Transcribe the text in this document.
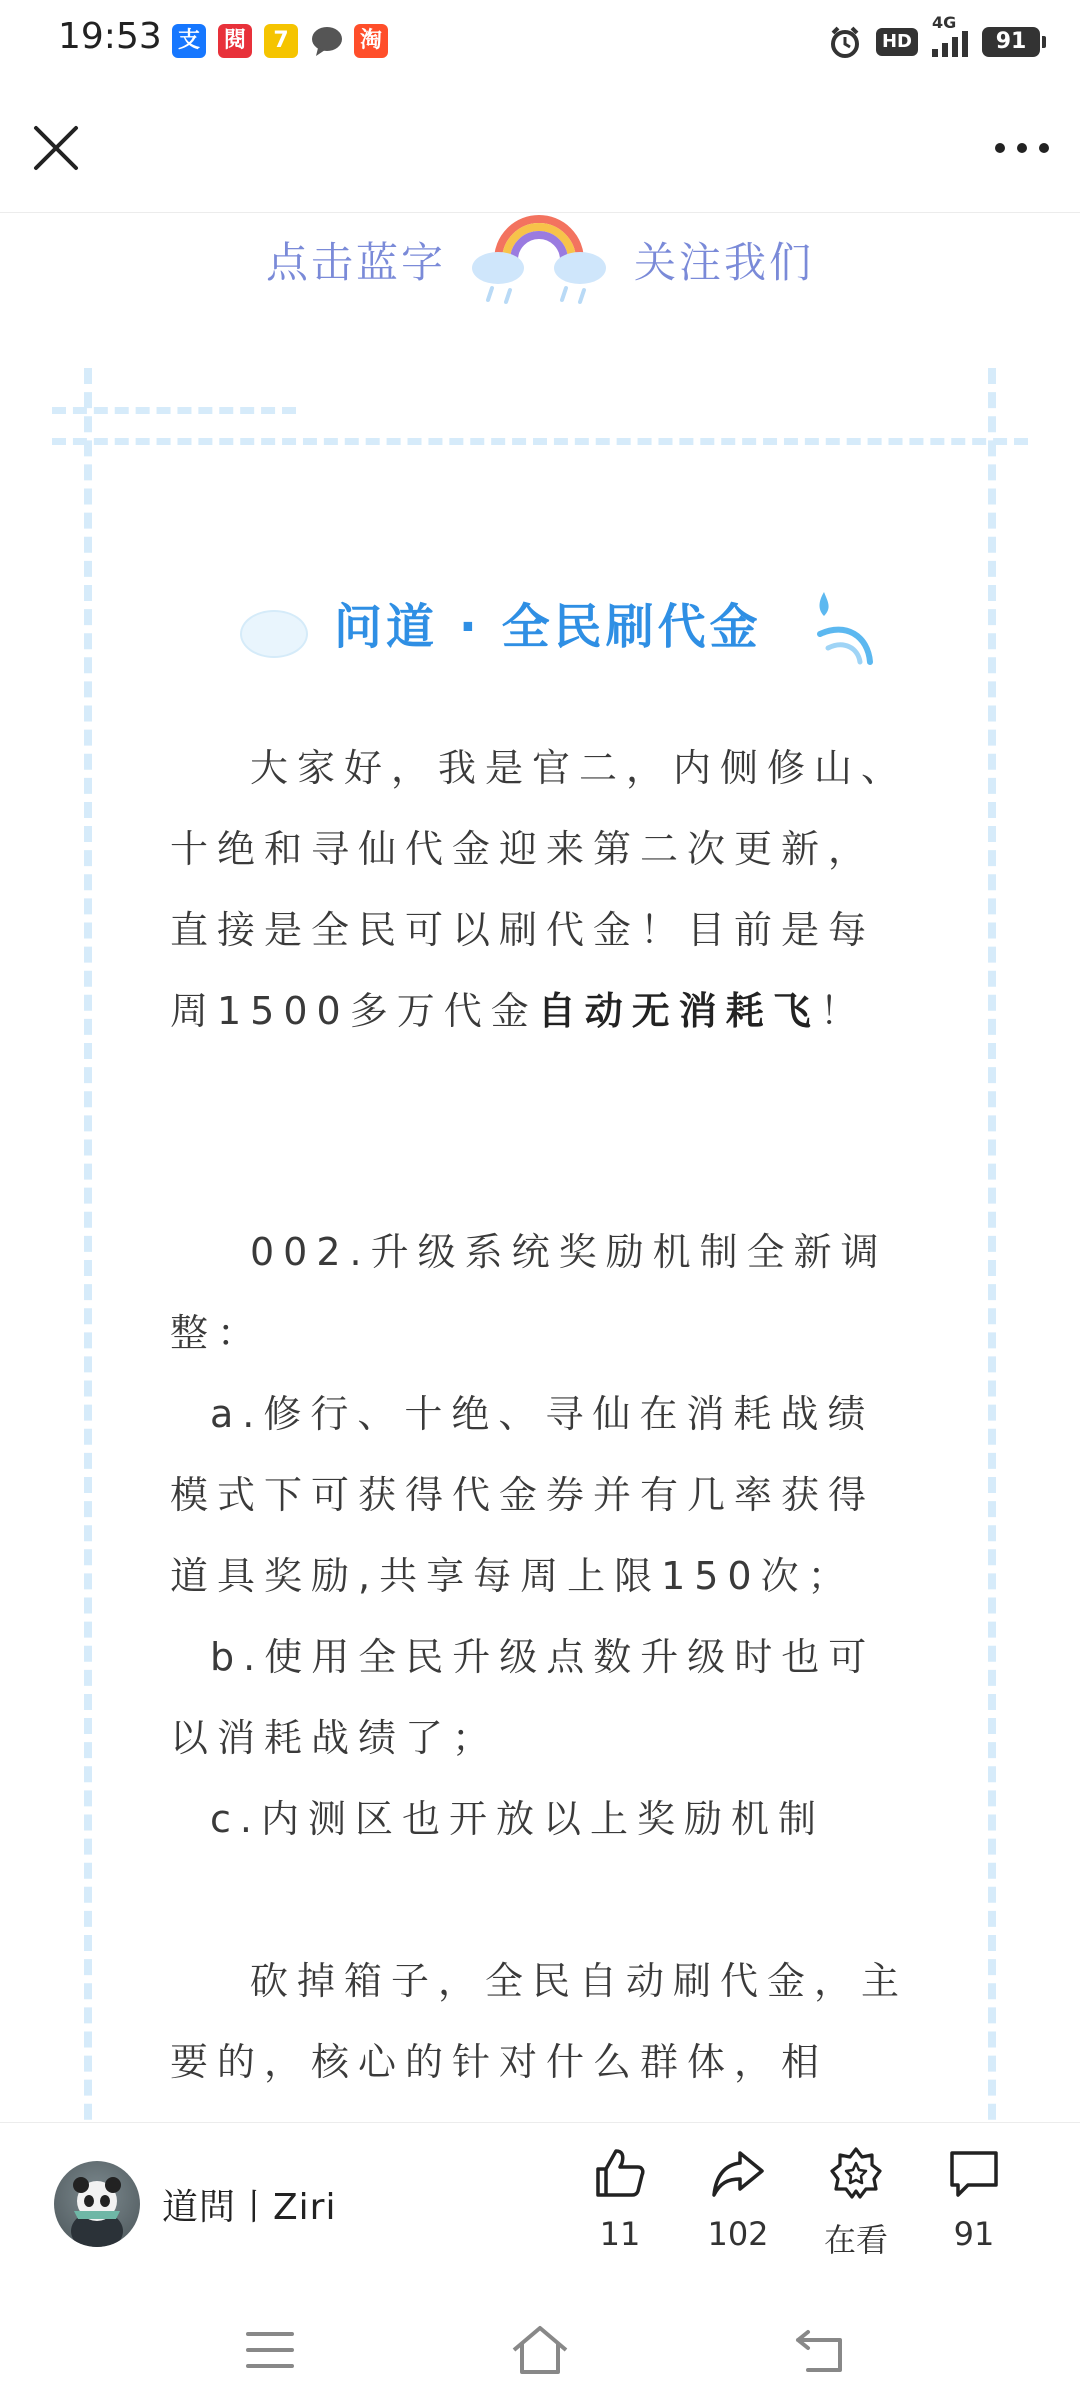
19:53 支 閱	7	淘	HD
4G
91
点击蓝字	关注我们
问道 · 全民刷代金

大家好，我是官二，内侧修山、十绝和寻仙代金迎来第二次更新，直接是全民可以刷代金！目前是每周1500多万代金自动无消耗飞！

002.升级系统奖励机制全新调整：

a.修行、十绝、寻仙在消耗战绩模式下可获得代金券并有几率获得道具奖励,共享每周上限150次；

b.使用全民升级点数升级时也可以消耗战绩了；

c.内测区也开放以上奖励机制

砍掉箱子，全民自动刷代金，主要的，核心的针对什么群体，相

道問丨Ziri
11	102	在看	91
